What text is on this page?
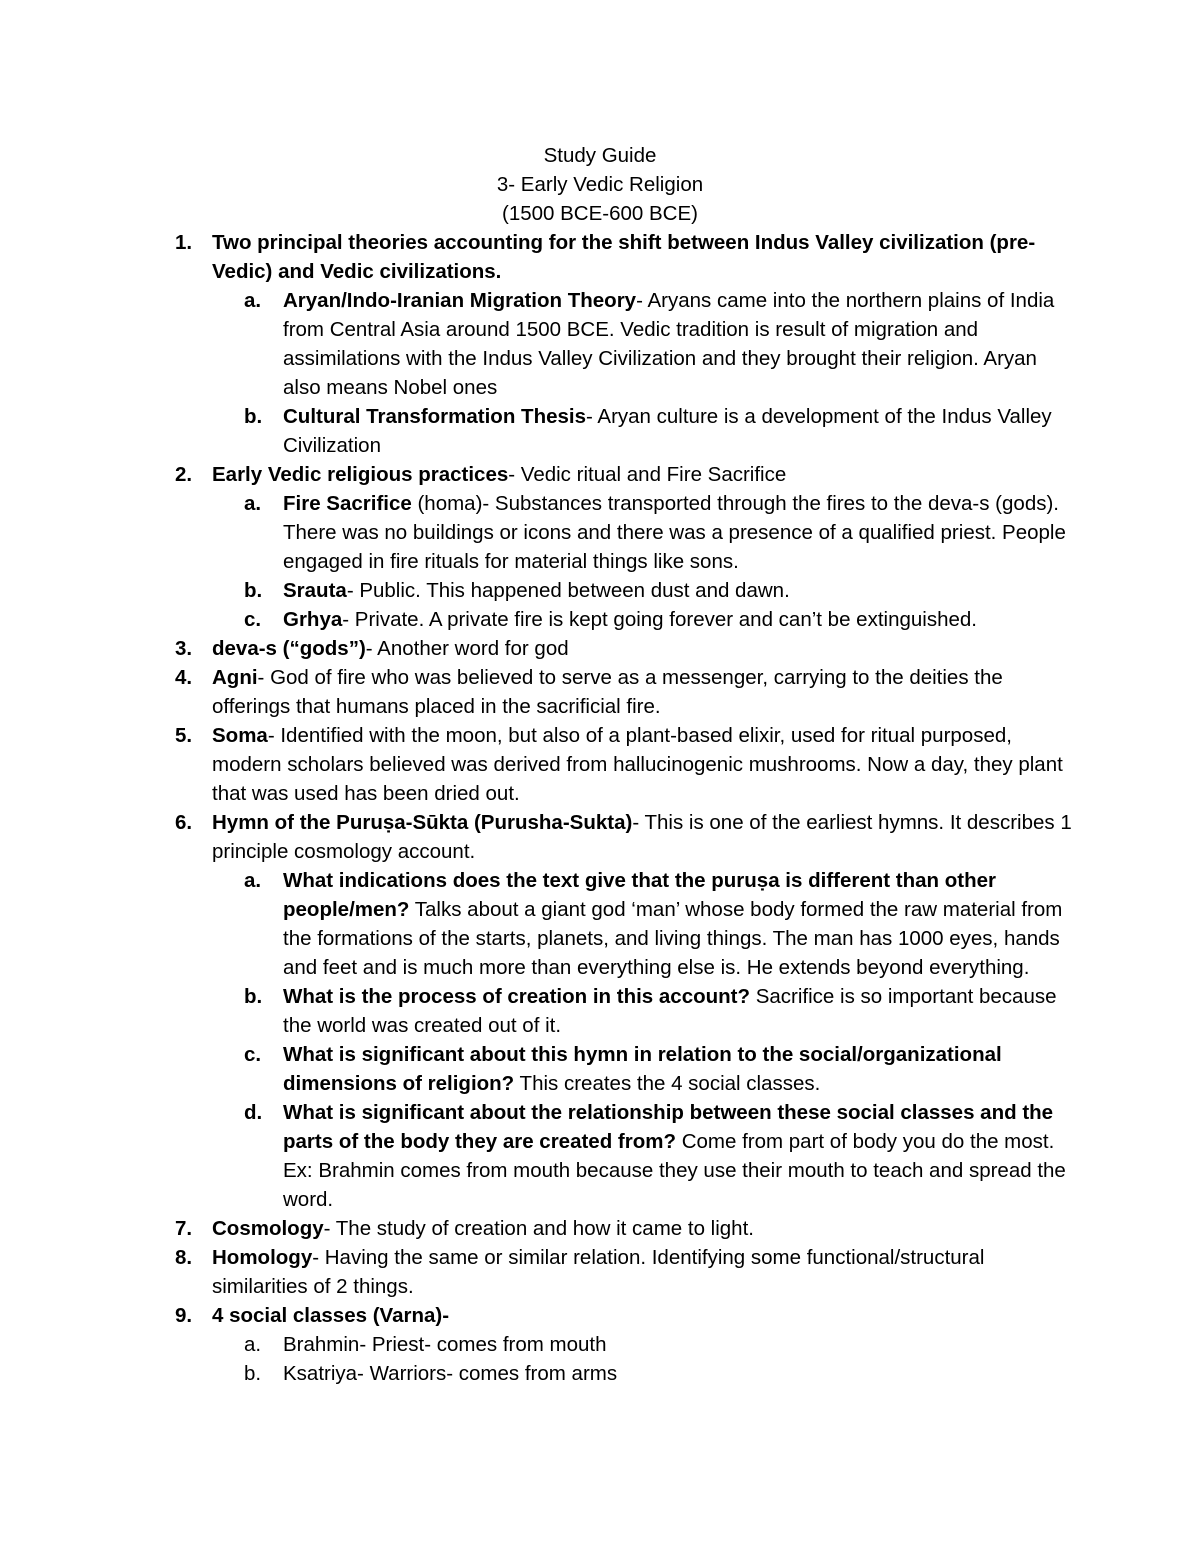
Study Guide
3- Early Vedic Religion
(1500 BCE-600 BCE)
1. Two principal theories accounting for the shift between Indus Valley civilization (pre-Vedic) and Vedic civilizations.
a. Aryan/Indo-Iranian Migration Theory- Aryans came into the northern plains of India from Central Asia around 1500 BCE. Vedic tradition is result of migration and assimilations with the Indus Valley Civilization and they brought their religion. Aryan also means Nobel ones
b. Cultural Transformation Thesis- Aryan culture is a development of the Indus Valley Civilization
2. Early Vedic religious practices- Vedic ritual and Fire Sacrifice
a. Fire Sacrifice (homa)- Substances transported through the fires to the deva-s (gods). There was no buildings or icons and there was a presence of a qualified priest. People engaged in fire rituals for material things like sons.
b. Srauta- Public. This happened between dust and dawn.
c. Grhya- Private. A private fire is kept going forever and can’t be extinguished.
3. deva-s (“gods”)- Another word for god
4. Agni- God of fire who was believed to serve as a messenger, carrying to the deities the offerings that humans placed in the sacrificial fire.
5. Soma- Identified with the moon, but also of a plant-based elixir, used for ritual purposed, modern scholars believed was derived from hallucinogenic mushrooms. Now a day, they plant that was used has been dried out.
6. Hymn of the Puruṣa-Sūkta (Purusha-Sukta)- This is one of the earliest hymns. It describes 1 principle cosmology account.
a. What indications does the text give that the puruṣa is different than other people/men? Talks about a giant god ‘man’ whose body formed the raw material from the formations of the starts, planets, and living things. The man has 1000 eyes, hands and feet and is much more than everything else is. He extends beyond everything.
b. What is the process of creation in this account? Sacrifice is so important because the world was created out of it.
c. What is significant about this hymn in relation to the social/organizational dimensions of religion? This creates the 4 social classes.
d. What is significant about the relationship between these social classes and the parts of the body they are created from? Come from part of body you do the most. Ex: Brahmin comes from mouth because they use their mouth to teach and spread the word.
7. Cosmology- The study of creation and how it came to light.
8. Homology- Having the same or similar relation. Identifying some functional/structural similarities of 2 things.
9. 4 social classes (Varna)-
a. Brahmin- Priest- comes from mouth
b. Ksatriya- Warriors- comes from arms
